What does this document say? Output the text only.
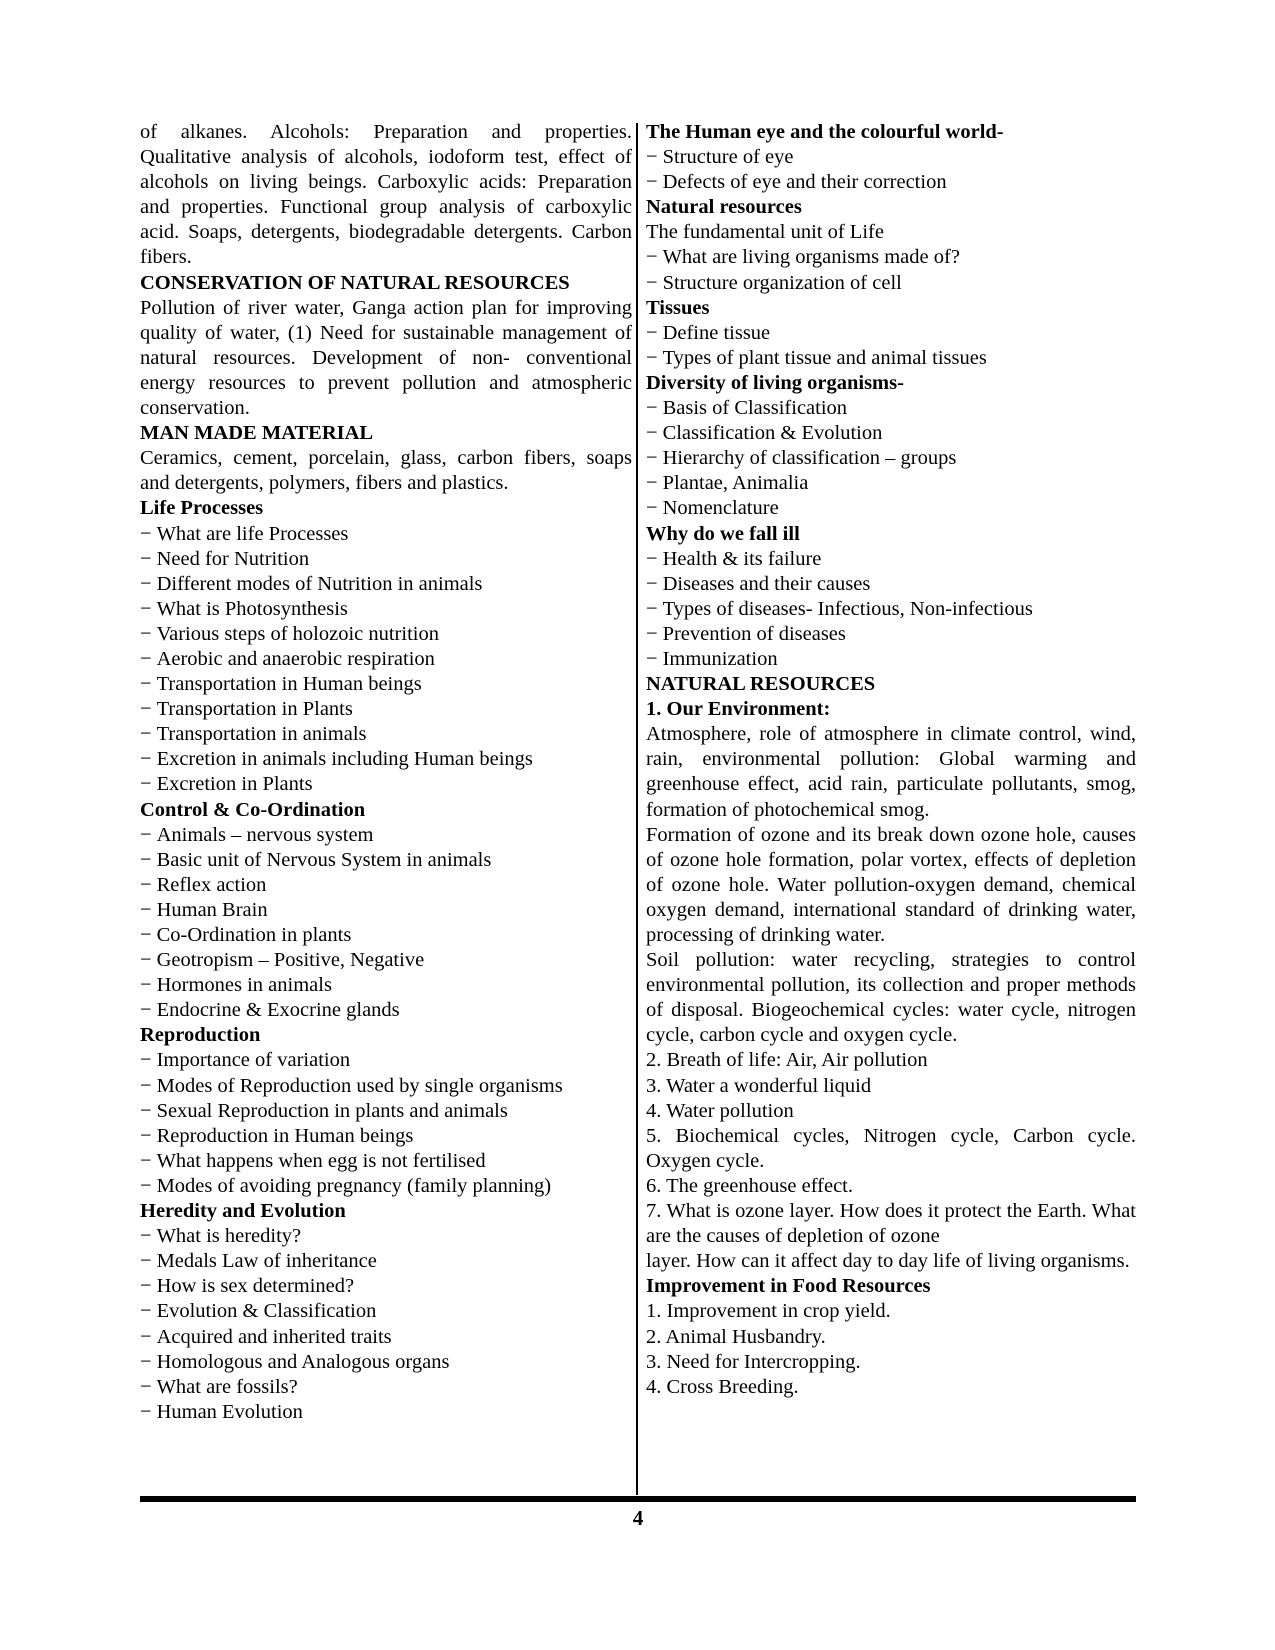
of alkanes. Alcohols: Preparation and properties. Qualitative analysis of alcohols, iodoform test, effect of alcohols on living beings. Carboxylic acids: Preparation and properties. Functional group analysis of carboxylic acid. Soaps, detergents, biodegradable detergents. Carbon fibers.
CONSERVATION OF NATURAL RESOURCES
Pollution of river water, Ganga action plan for improving quality of water, (1) Need for sustainable management of natural resources. Development of non- conventional energy resources to prevent pollution and atmospheric conservation.
MAN MADE MATERIAL
Ceramics, cement, porcelain, glass, carbon fibers, soaps and detergents, polymers, fibers and plastics.
Life Processes
− What are life Processes
− Need for Nutrition
− Different modes of Nutrition in animals
− What is Photosynthesis
− Various steps of holozoic nutrition
− Aerobic and anaerobic respiration
− Transportation in Human beings
− Transportation in Plants
− Transportation in animals
− Excretion in animals including Human beings
− Excretion in Plants
Control & Co-Ordination
− Animals – nervous system
− Basic unit of Nervous System in animals
− Reflex action
− Human Brain
− Co-Ordination in plants
− Geotropism – Positive, Negative
− Hormones in animals
− Endocrine & Exocrine glands
Reproduction
− Importance of variation
− Modes of Reproduction used by single organisms
− Sexual Reproduction in plants and animals
− Reproduction in Human beings
− What happens when egg is not fertilised
− Modes of avoiding pregnancy (family planning)
Heredity and Evolution
− What is heredity?
− Medals Law of inheritance
− How is sex determined?
− Evolution & Classification
− Acquired and inherited traits
− Homologous and Analogous organs
− What are fossils?
− Human Evolution
The Human eye and the colourful world-
− Structure of eye
− Defects of eye and their correction
Natural resources
The fundamental unit of Life
− What are living organisms made of?
− Structure organization of cell
Tissues
− Define tissue
− Types of plant tissue and animal tissues
Diversity of living organisms-
− Basis of Classification
− Classification & Evolution
− Hierarchy of classification – groups
− Plantae, Animalia
− Nomenclature
Why do we fall ill
− Health & its failure
− Diseases and their causes
− Types of diseases- Infectious, Non-infectious
− Prevention of diseases
− Immunization
NATURAL RESOURCES
1. Our Environment:
Atmosphere, role of atmosphere in climate control, wind, rain, environmental pollution: Global warming and greenhouse effect, acid rain, particulate pollutants, smog, formation of photochemical smog.
Formation of ozone and its break down ozone hole, causes of ozone hole formation, polar vortex, effects of depletion of ozone hole. Water pollution-oxygen demand, chemical oxygen demand, international standard of drinking water, processing of drinking water.
Soil pollution: water recycling, strategies to control environmental pollution, its collection and proper methods of disposal. Biogeochemical cycles: water cycle, nitrogen cycle, carbon cycle and oxygen cycle.
2. Breath of life: Air, Air pollution
3. Water a wonderful liquid
4. Water pollution
5. Biochemical cycles, Nitrogen cycle, Carbon cycle. Oxygen cycle.
6. The greenhouse effect.
7. What is ozone layer. How does it protect the Earth. What are the causes of depletion of ozone
layer. How can it affect day to day life of living organisms.
Improvement in Food Resources
1. Improvement in crop yield.
2. Animal Husbandry.
3. Need for Intercropping.
4. Cross Breeding.
4
